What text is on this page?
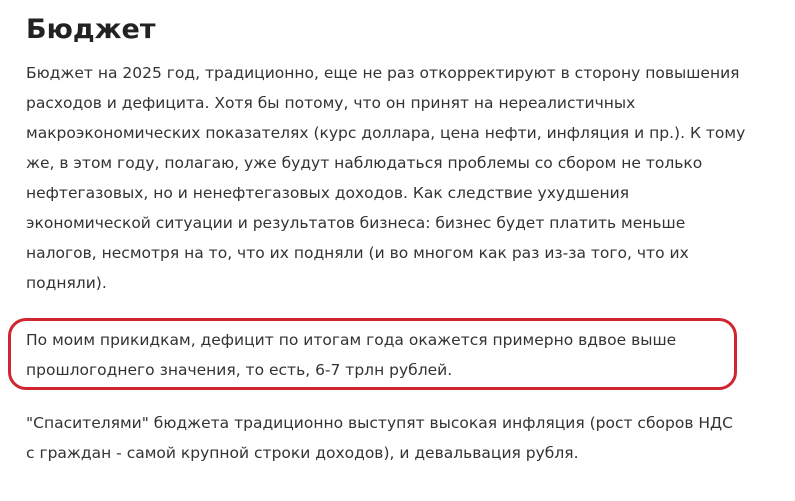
Бюджет

Бюджет на 2025 год, традиционно, еще не раз откорректируют в сторону повышения
расходов и дефицита. Хотя бы потому, что он принят на нереалистичных
макроэкономических показателях (курс доллара, цена нефти, инфляция и пр.). К тому
же, в этом году, полагаю, уже будут наблюдаться проблемы со сбором не только
нефтегазовых, но и ненефтегазовых доходов. Как следствие ухудшения
экономической ситуации и результатов бизнеса: бизнес будет платить меньше
налогов, несмотря на то, что их подняли (и во многом как раз из-за того, что их
подняли).

По моим прикидкам, дефицит по итогам года окажется примерно вдвое выше
прошлогоднего значения, то есть, 6-7 трлн рублей.

"Спасителями" бюджета традиционно выступят высокая инфляция (рост сборов НДС
с граждан - самой крупной строки доходов), и девальвация рубля.
